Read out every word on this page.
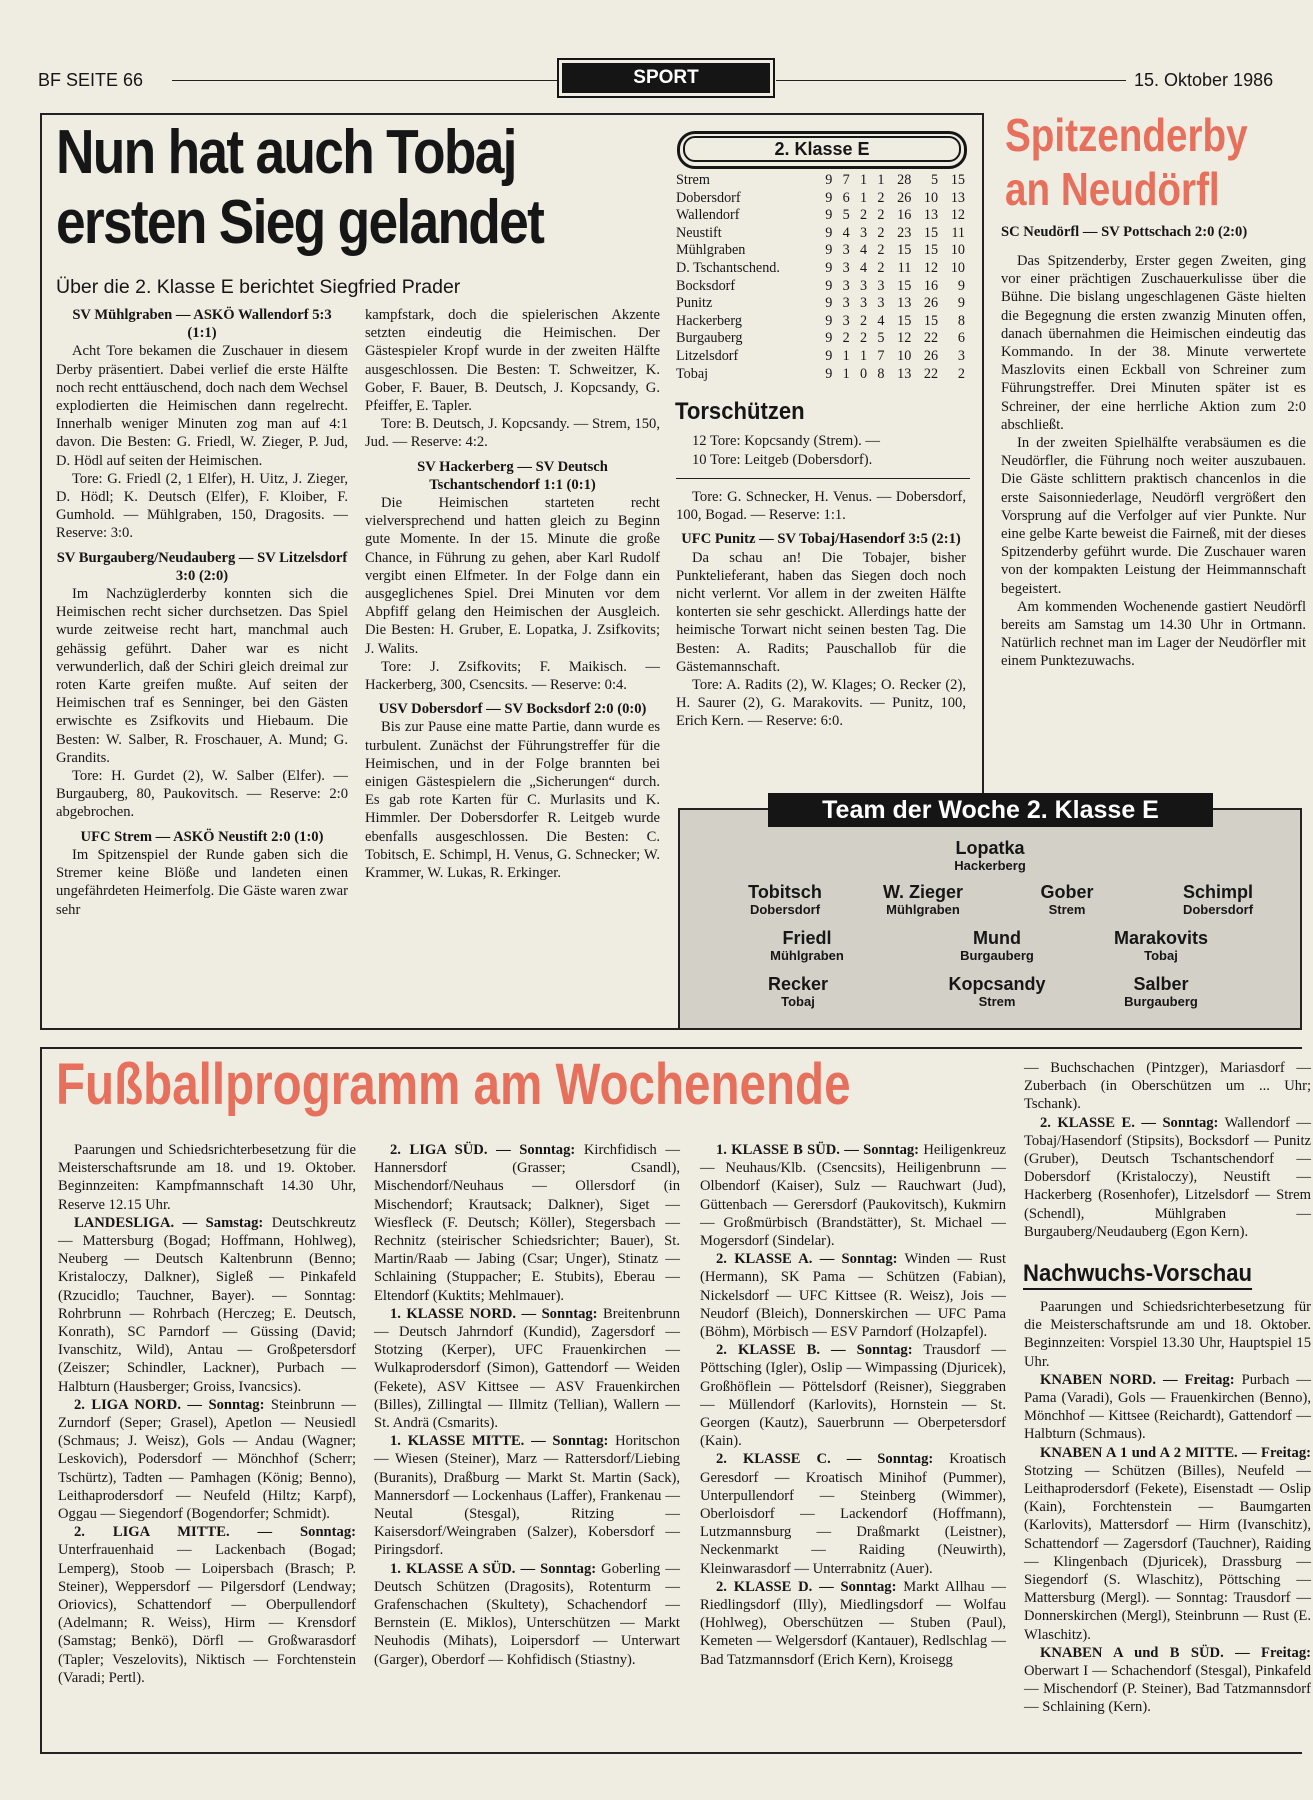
BF SEITE 66	SPORT	15. Oktober 1986
Nun hat auch Tobaj
ersten Sieg gelandet
Über die 2. Klasse E berichtet Siegfried Prader

SV Mühlgraben — ASKÖ Wallendorf 5:3 (1:1)

Acht Tore bekamen die Zuschauer in diesem Derby präsentiert. Dabei verlief die erste Hälfte noch recht enttäuschend, doch nach dem Wechsel explodierten die Heimischen dann regelrecht. Innerhalb weniger Minuten zog man auf 4:1 davon. Die Besten: G. Friedl, W. Zieger, P. Jud, D. Hödl auf seiten der Heimischen.

Tore: G. Friedl (2, 1 Elfer), H. Uitz, J. Zieger, D. Hödl; K. Deutsch (Elfer), F. Kloiber, F. Gumhold. — Mühlgraben, 150, Dragosits. — Reserve: 3:0.

SV Burgauberg/Neudauberg — SV Litzelsdorf 3:0 (2:0)

Im Nachzüglerderby konnten sich die Heimischen recht sicher durchsetzen. Das Spiel wurde zeitweise recht hart, manchmal auch gehässig geführt. Daher war es nicht verwunderlich, daß der Schiri gleich dreimal zur roten Karte greifen mußte. Auf seiten der Heimischen traf es Senninger, bei den Gästen erwischte es Zsifkovits und Hiebaum. Die Besten: W. Salber, R. Froschauer, A. Mund; G. Grandits.

Tore: H. Gurdet (2), W. Salber (Elfer). — Burgauberg, 80, Paukovitsch. — Reserve: 2:0 abgebrochen.

UFC Strem — ASKÖ Neustift 2:0 (1:0)

Im Spitzenspiel der Runde gaben sich die Stremer keine Blöße und landeten einen ungefährdeten Heimerfolg. Die Gäste waren zwar sehr

kampfstark, doch die spielerischen Akzente setzten eindeutig die Heimischen. Der Gästespieler Kropf wurde in der zweiten Hälfte ausgeschlossen. Die Besten: T. Schweitzer, K. Gober, F. Bauer, B. Deutsch, J. Kopcsandy, G. Pfeiffer, E. Tapler.

Tore: B. Deutsch, J. Kopcsandy. — Strem, 150, Jud. — Reserve: 4:2.

SV Hackerberg — SV Deutsch Tschantschendorf 1:1 (0:1)

Die Heimischen starteten recht vielversprechend und hatten gleich zu Beginn gute Momente. In der 15. Minute die große Chance, in Führung zu gehen, aber Karl Rudolf vergibt einen Elfmeter. In der Folge dann ein ausgeglichenes Spiel. Drei Minuten vor dem Abpfiff gelang den Heimischen der Ausgleich. Die Besten: H. Gruber, E. Lopatka, J. Zsifkovits; J. Walits.

Tore: J. Zsifkovits; F. Maikisch. — Hackerberg, 300, Csencsits. — Reserve: 0:4.

USV Dobersdorf — SV Bocksdorf 2:0 (0:0)

Bis zur Pause eine matte Partie, dann wurde es turbulent. Zunächst der Führungstreffer für die Heimischen, und in der Folge brannten bei einigen Gästespielern die „Sicherungen“ durch. Es gab rote Karten für C. Murlasits und K. Himmler. Der Dobersdorfer R. Leitgeb wurde ebenfalls ausgeschlossen. Die Besten: C. Tobitsch, E. Schimpl, H. Venus, G. Schnecker; W. Krammer, W. Lukas, R. Erkinger.

2. Klasse E
Strem	9	7	1	1	28	5	15
Dobersdorf	9	6	1	2	26	10	13
Wallendorf	9	5	2	2	16	13	12
Neustift	9	4	3	2	23	15	11
Mühlgraben	9	3	4	2	15	15	10
D. Tschantschend.	9	3	4	2	11	12	10
Bocksdorf	9	3	3	3	15	16	9
Punitz	9	3	3	3	13	26	9
Hackerberg	9	3	2	4	15	15	8
Burgauberg	9	2	2	5	12	22	6
Litzelsdorf	9	1	1	7	10	26	3
Tobaj	9	1	0	8	13	22	2
Torschützen
12 Tore: Kopcsandy (Strem). —
10 Tore: Leitgeb (Dobersdorf).

Tore: G. Schnecker, H. Venus. — Dobersdorf, 100, Bogad. — Reserve: 1:1.

UFC Punitz — SV Tobaj/Hasendorf 3:5 (2:1)

Da schau an! Die Tobajer, bisher Punktelieferant, haben das Siegen doch noch nicht verlernt. Vor allem in der zweiten Hälfte konterten sie sehr geschickt. Allerdings hatte der heimische Torwart nicht seinen besten Tag. Die Besten: A. Radits; Pauschallob für die Gästemannschaft.

Tore: A. Radits (2), W. Klages; O. Recker (2), H. Saurer (2), G. Marakovits. — Punitz, 100, Erich Kern. — Reserve: 6:0.

Team der Woche 2. Klasse E
Lopatka
Hackerberg
Tobitsch
Dobersdorf
W. Zieger
Mühlgraben
Gober
Strem
Schimpl
Dobersdorf
Friedl
Mühlgraben
Mund
Burgauberg
Marakovits
Tobaj
Recker
Tobaj
Kopcsandy
Strem
Salber
Burgauberg
Spitzenderby
an Neudörfl
SC Neudörfl — SV Pottschach 2:0 (2:0)

Das Spitzenderby, Erster gegen Zweiten, ging vor einer prächtigen Zuschauerkulisse über die Bühne. Die bislang ungeschlagenen Gäste hielten die Begegnung die ersten zwanzig Minuten offen, danach übernahmen die Heimischen eindeutig das Kommando. In der 38. Minute verwertete Maszlovits einen Eckball von Schreiner zum Führungstreffer. Drei Minuten später ist es Schreiner, der eine herrliche Aktion zum 2:0 abschließt.

In der zweiten Spielhälfte verabsäumen es die Neudörfler, die Führung noch weiter auszubauen. Die Gäste schlittern praktisch chancenlos in die erste Saisonniederlage, Neudörfl vergrößert den Vorsprung auf die Verfolger auf vier Punkte. Nur eine gelbe Karte beweist die Fairneß, mit der dieses Spitzenderby geführt wurde. Die Zuschauer waren von der kompakten Leistung der Heimmannschaft begeistert.

Am kommenden Wochenende gastiert Neudörfl bereits am Samstag um 14.30 Uhr in Ortmann. Natürlich rechnet man im Lager der Neudörfler mit einem Punktezuwachs.

Fußballprogramm am Wochenende

Paarungen und Schiedsrichterbesetzung für die Meisterschaftsrunde am 18. und 19. Oktober. Beginnzeiten: Kampfmannschaft 14.30 Uhr, Reserve 12.15 Uhr.

LANDESLIGA. — Samstag: Deutschkreutz — Mattersburg (Bogad; Hoffmann, Hohlweg), Neuberg — Deutsch Kaltenbrunn (Benno; Kristaloczy, Dalkner), Sigleß — Pinkafeld (Rzucidlo; Tauchner, Bayer). — Sonntag: Rohrbrunn — Rohrbach (Herczeg; E. Deutsch, Konrath), SC Parndorf — Güssing (David; Ivanschitz, Wild), Antau — Großpetersdorf (Zeiszer; Schindler, Lackner), Purbach — Halbturn (Hausberger; Groiss, Ivancsics).

2. LIGA NORD. — Sonntag: Steinbrunn — Zurndorf (Seper; Grasel), Apetlon — Neusiedl (Schmaus; J. Weisz), Gols — Andau (Wagner; Leskovich), Podersdorf — Mönchhof (Scherr; Tschürtz), Tadten — Pamhagen (König; Benno), Leithaprodersdorf — Neufeld (Hiltz; Karpf), Oggau — Siegendorf (Bogendorfer; Schmidt).

2. LIGA MITTE. — Sonntag: Unterfrauenhaid — Lackenbach (Bogad; Lemperg), Stoob — Loipersbach (Brasch; P. Steiner), Weppersdorf — Pilgersdorf (Lendway; Oriovics), Schattendorf — Oberpullendorf (Adelmann; R. Weiss), Hirm — Krensdorf (Samstag; Benkö), Dörfl — Großwarasdorf (Tapler; Veszelovits), Niktisch — Forchtenstein (Varadi; Pertl).

2. LIGA SÜD. — Sonntag: Kirchfidisch — Hannersdorf (Grasser; Csandl), Mischendorf/Neuhaus — Ollersdorf (in Mischendorf; Krautsack; Dalkner), Siget — Wiesfleck (F. Deutsch; Köller), Stegersbach — Rechnitz (steirischer Schiedsrichter; Bauer), St. Martin/Raab — Jabing (Csar; Unger), Stinatz — Schlaining (Stuppacher; E. Stubits), Eberau — Eltendorf (Kuktits; Mehlmauer).

1. KLASSE NORD. — Sonntag: Breitenbrunn — Deutsch Jahrndorf (Kundid), Zagersdorf — Stotzing (Kerper), UFC Frauenkirchen — Wulkaprodersdorf (Simon), Gattendorf — Weiden (Fekete), ASV Kittsee — ASV Frauenkirchen (Billes), Zillingtal — Illmitz (Tellian), Wallern — St. Andrä (Csmarits).

1. KLASSE MITTE. — Sonntag: Horitschon — Wiesen (Steiner), Marz — Rattersdorf/Liebing (Buranits), Draßburg — Markt St. Martin (Sack), Mannersdorf — Lockenhaus (Laffer), Frankenau — Neutal (Stesgal), Ritzing — Kaisersdorf/Weingraben (Salzer), Kobersdorf — Piringsdorf.

1. KLASSE A SÜD. — Sonntag: Goberling — Deutsch Schützen (Dragosits), Rotenturm — Grafenschachen (Skultety), Schachendorf — Bernstein (E. Miklos), Unterschützen — Markt Neuhodis (Mihats), Loipersdorf — Unterwart (Garger), Oberdorf — Kohfidisch (Stiastny).

1. KLASSE B SÜD. — Sonntag: Heiligenkreuz — Neuhaus/Klb. (Csencsits), Heiligenbrunn — Olbendorf (Kaiser), Sulz — Rauchwart (Jud), Güttenbach — Gerersdorf (Paukovitsch), Kukmirn — Großmürbisch (Brandstätter), St. Michael — Mogersdorf (Sindelar).

2. KLASSE A. — Sonntag: Winden — Rust (Hermann), SK Pama — Schützen (Fabian), Nickelsdorf — UFC Kittsee (R. Weisz), Jois — Neudorf (Bleich), Donnerskirchen — UFC Pama (Böhm), Mörbisch — ESV Parndorf (Holzapfel).

2. KLASSE B. — Sonntag: Trausdorf — Pöttsching (Igler), Oslip — Wimpassing (Djuricek), Großhöflein — Pöttelsdorf (Reisner), Sieggraben — Müllendorf (Karlovits), Hornstein — St. Georgen (Kautz), Sauerbrunn — Oberpetersdorf (Kain).

2. KLASSE C. — Sonntag: Kroatisch Geresdorf — Kroatisch Minihof (Pummer), Unterpullendorf — Steinberg (Wimmer), Oberloisdorf — Lackendorf (Hoffmann), Lutzmannsburg — Draßmarkt (Leistner), Neckenmarkt — Raiding (Neuwirth), Kleinwarasdorf — Unterrabnitz (Auer).

2. KLASSE D. — Sonntag: Markt Allhau — Riedlingsdorf (Illy), Miedlingsdorf — Wolfau (Hohlweg), Oberschützen — Stuben (Paul), Kemeten — Welgersdorf (Kantauer), Redlschlag — Bad Tatzmannsdorf (Erich Kern), Kroisegg

— Buchschachen (Pintzger), Mariasdorf — Zuberbach (in Oberschützen um ... Uhr; Tschank).

2. KLASSE E. — Sonntag: Wallendorf — Tobaj/Hasendorf (Stipsits), Bocksdorf — Punitz (Gruber), Deutsch Tschantschendorf — Dobersdorf (Kristaloczy), Neustift — Hackerberg (Rosenhofer), Litzelsdorf — Strem (Schendl), Mühlgraben — Burgauberg/Neudauberg (Egon Kern).

Nachwuchs-Vorschau

Paarungen und Schiedsrichterbesetzung für die Meisterschaftsrunde am und 18. Oktober. Beginnzeiten: Vorspiel 13.30 Uhr, Hauptspiel 15 Uhr.

KNABEN NORD. — Freitag: Purbach — Pama (Varadi), Gols — Frauenkirchen (Benno), Mönchhof — Kittsee (Reichardt), Gattendorf — Halbturn (Schmaus).

KNABEN A 1 und A 2 MITTE. — Freitag: Stotzing — Schützen (Billes), Neufeld — Leithaprodersdorf (Fekete), Eisenstadt — Oslip (Kain), Forchtenstein — Baumgarten (Karlovits), Mattersdorf — Hirm (Ivanschitz), Schattendorf — Zagersdorf (Tauchner), Raiding — Klingenbach (Djuricek), Drassburg — Siegendorf (S. Wlaschitz), Pöttsching — Mattersburg (Mergl). — Sonntag: Trausdorf — Donnerskirchen (Mergl), Steinbrunn — Rust (E. Wlaschitz).

KNABEN A und B SÜD. — Freitag: Oberwart I — Schachendorf (Stesgal), Pinkafeld — Mischendorf (P. Steiner), Bad Tatzmannsdorf — Schlaining (Kern).
